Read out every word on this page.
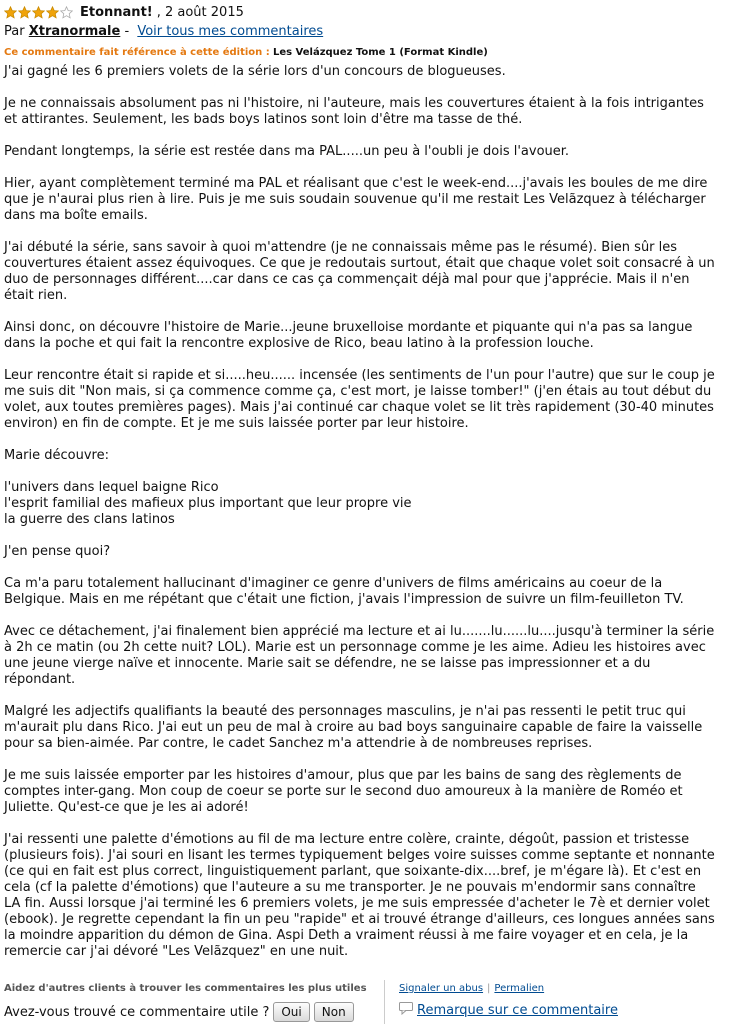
Etonnant! , 2 août 2015
Par Xtranormale - Voir tous mes commentaires
Ce commentaire fait référence à cette édition : Les Velázquez Tome 1 (Format Kindle)

J'ai gagné les 6 premiers volets de la série lors d'un concours de blogueuses.

Je ne connaissais absolument pas ni l'histoire, ni l'auteure, mais les couvertures étaient à la fois intrigantes et attirantes. Seulement, les bads boys latinos sont loin d'être ma tasse de thé.

Pendant longtemps, la série est restée dans ma PAL.....un peu à l'oubli je dois l'avouer.

Hier, ayant complètement terminé ma PAL et réalisant que c'est le week-end....j'avais les boules de me dire que je n'aurai plus rien à lire. Puis je me suis soudain souvenue qu'il me restait Les Velãzquez à télécharger dans ma boîte emails.

J'ai débuté la série, sans savoir à quoi m'attendre (je ne connaissais même pas le résumé). Bien sûr les couvertures étaient assez équivoques. Ce que je redoutais surtout, était que chaque volet soit consacré à un duo de personnages différent....car dans ce cas ça commençait déjà mal pour que j'apprécie. Mais il n'en était rien.

Ainsi donc, on découvre l'histoire de Marie...jeune bruxelloise mordante et piquante qui n'a pas sa langue dans la poche et qui fait la rencontre explosive de Rico, beau latino à la profession louche.

Leur rencontre était si rapide et si.....heu...... incensée (les sentiments de l'un pour l'autre) que sur le coup je me suis dit "Non mais, si ça commence comme ça, c'est mort, je laisse tomber!" (j'en étais au tout début du volet, aux toutes premières pages). Mais j'ai continué car chaque volet se lit très rapidement (30-40 minutes environ) en fin de compte. Et je me suis laissée porter par leur histoire.

Marie découvre:

l'univers dans lequel baigne Rico
l'esprit familial des mafieux plus important que leur propre vie
la guerre des clans latinos

J'en pense quoi?

Ca m'a paru totalement hallucinant d'imaginer ce genre d'univers de films américains au coeur de la Belgique. Mais en me répétant que c'était une fiction, j'avais l'impression de suivre un film-feuilleton TV.

Avec ce détachement, j'ai finalement bien apprécié ma lecture et ai lu.......lu......lu....jusqu'à terminer la série à 2h ce matin (ou 2h cette nuit? LOL). Marie est un personnage comme je les aime. Adieu les histoires avec une jeune vierge naïve et innocente. Marie sait se défendre, ne se laisse pas impressionner et a du répondant.

Malgré les adjectifs qualifiants la beauté des personnages masculins, je n'ai pas ressenti le petit truc qui m'aurait plu dans Rico. J'ai eut un peu de mal à croire au bad boys sanguinaire capable de faire la vaisselle pour sa bien-aimée. Par contre, le cadet Sanchez m'a attendrie à de nombreuses reprises.

Je me suis laissée emporter par les histoires d'amour, plus que par les bains de sang des règlements de comptes inter-gang. Mon coup de coeur se porte sur le second duo amoureux à la manière de Roméo et Juliette. Qu'est-ce que je les ai adoré!

J'ai ressenti une palette d'émotions au fil de ma lecture entre colère, crainte, dégoût, passion et tristesse (plusieurs fois). J'ai souri en lisant les termes typiquement belges voire suisses comme septante et nonnante (ce qui en fait est plus correct, linguistiquement parlant, que soixante-dix....bref, je m'égare là). Et c'est en cela (cf la palette d'émotions) que l'auteure a su me transporter. Je ne pouvais m'endormir sans connaître LA fin. Aussi lorsque j'ai terminé les 6 premiers volets, je me suis empressée d'acheter le 7è et dernier volet (ebook). Je regrette cependant la fin un peu "rapide" et ai trouvé étrange d'ailleurs, ces longues années sans la moindre apparition du démon de Gina. Aspi Deth a vraiment réussi à me faire voyager et en cela, je la remercie car j'ai dévoré "Les Velãzquez" en une nuit.

Aidez d'autres clients à trouver les commentaires les plus utiles
Avez-vous trouvé ce commentaire utile ?	Oui	Non
Signaler un abus | Permalien
Remarque sur ce commentaire
